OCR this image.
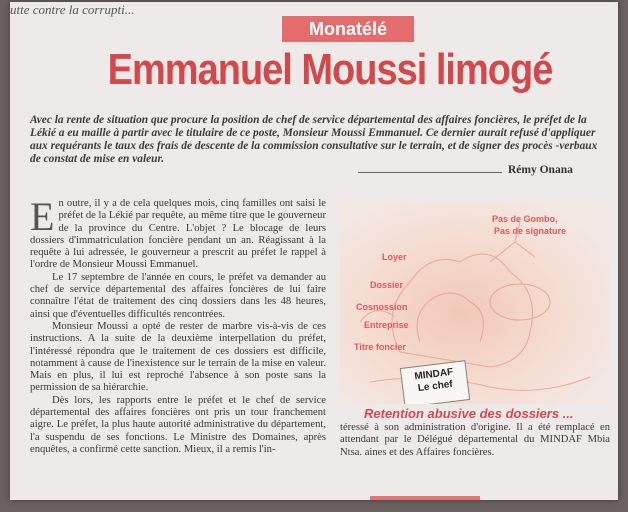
utte contre la corrupti...
Monatélé
Emmanuel Moussi limogé
Avec la rente de situation que procure la position de chef de service départemental des affaires foncières, le préfet de la Lékié a eu maille à partir avec le titulaire de ce poste, Monsieur Moussi Emmanuel. Ce dernier aurait refusé d'appliquer aux requérants le taux des frais de descente de la commission consultative sur le terrain, et de signer des procès -verbaux de constat de mise en valeur.
Rémy Onana

En outre, il y a de cela quelques mois, cinq familles ont saisi le préfet de la Lékié par requête, au même titre que le gouverneur de la province du Centre. L'objet ? Le blocage de leurs dossiers d'immatriculation foncière pendant un an. Réagissant à la requête à lui adressée, le gouverneur a prescrit au préfet le rappel à l'ordre de Monsieur Moussi Emmanuel.

Le 17 septembre de l'année en cours, le préfet va demander au chef de service départemental des affaires foncières de lui faire connaître l'état de traitement des cinq dossiers dans les 48 heures, ainsi que d'éventuelles difficultés rencontrées.

Monsieur Moussi a opté de rester de marbre vis-à-vis de ces instructions. A la suite de la deuxième interpellation du préfet, l'intéressé répondra que le traitement de ces dossiers est difficile, notamment à cause de l'inexistence sur le terrain de la mise en valeur. Mais en plus, il lui est reproché l'absence à son poste sans la permission de sa hiérarchie.

Dès lors, les rapports entre le préfet et le chef de service départemental des affaires foncières ont pris un tour franchement aigre. Le préfet, la plus haute autorité administrative du département, l'a suspendu de ses fonctions. Le Ministre des Domaines, après enquêtes, a confirmé cette sanction. Mieux, il a remis l'in-

Pas de Gombo,
Pas de signature
Loyer
Dossier
Cosnossion
Entreprise
Titre foncier
MINDAF
Le chef
Retention abusive des dossiers ...

téressé à son administration d'origine. Il a été remplacé en attendant par le Délégué départemental du MINDAF Mbia Ntsa. aines et des Affaires foncières.
